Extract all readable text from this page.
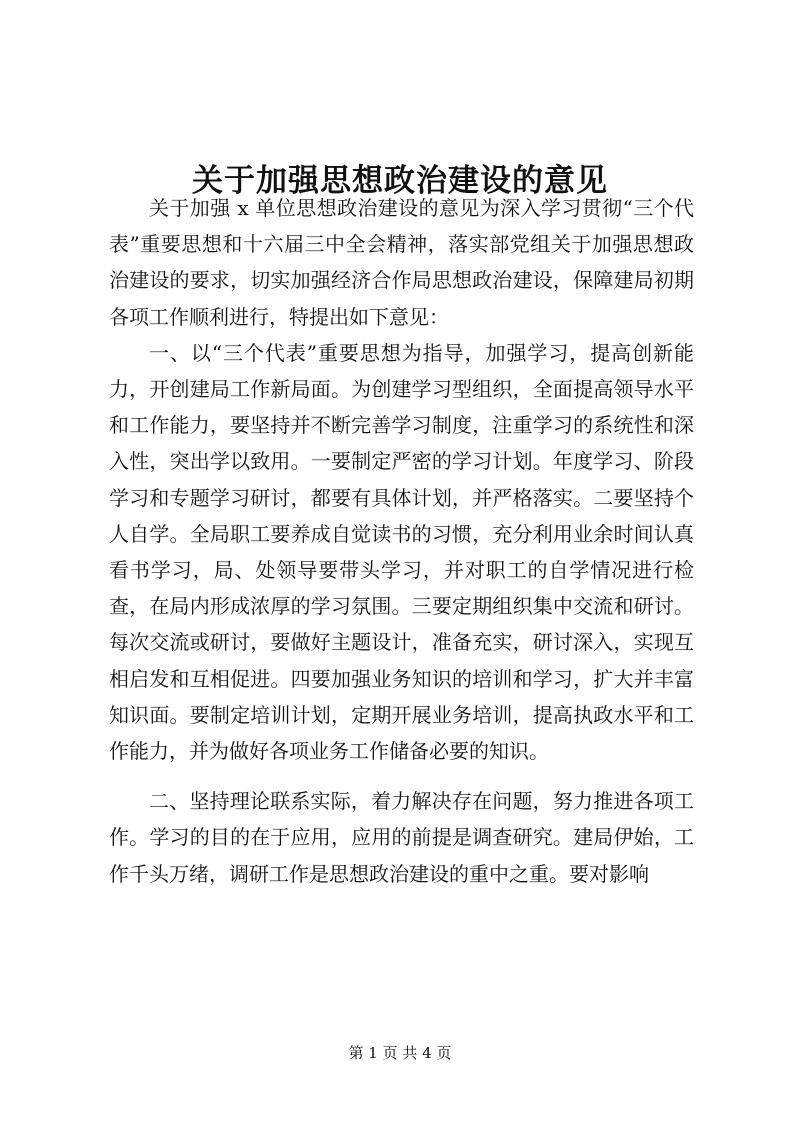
关于加强思想政治建设的意见

关于加强 x 单位思想政治建设的意见为深入学习贯彻“三个代表”重要思想和十六届三中全会精神，落实部党组关于加强思想政治建设的要求，切实加强经济合作局思想政治建设，保障建局初期各项工作顺利进行，特提出如下意见：

一、以“三个代表”重要思想为指导，加强学习，提高创新能力，开创建局工作新局面。为创建学习型组织，全面提高领导水平和工作能力，要坚持并不断完善学习制度，注重学习的系统性和深入性，突出学以致用。一要制定严密的学习计划。年度学习、阶段学习和专题学习研讨，都要有具体计划，并严格落实。二要坚持个人自学。全局职工要养成自觉读书的习惯，充分利用业余时间认真看书学习，局、处领导要带头学习，并对职工的自学情况进行检查，在局内形成浓厚的学习氛围。三要定期组织集中交流和研讨。每次交流或研讨，要做好主题设计，准备充实，研讨深入，实现互相启发和互相促进。四要加强业务知识的培训和学习，扩大并丰富知识面。要制定培训计划，定期开展业务培训，提高执政水平和工作能力，并为做好各项业务工作储备必要的知识。

二、坚持理论联系实际，着力解决存在问题，努力推进各项工作。学习的目的在于应用，应用的前提是调查研究。建局伊始，工作千头万绪，调研工作是思想政治建设的重中之重。要对影响

第 1 页 共 4 页
